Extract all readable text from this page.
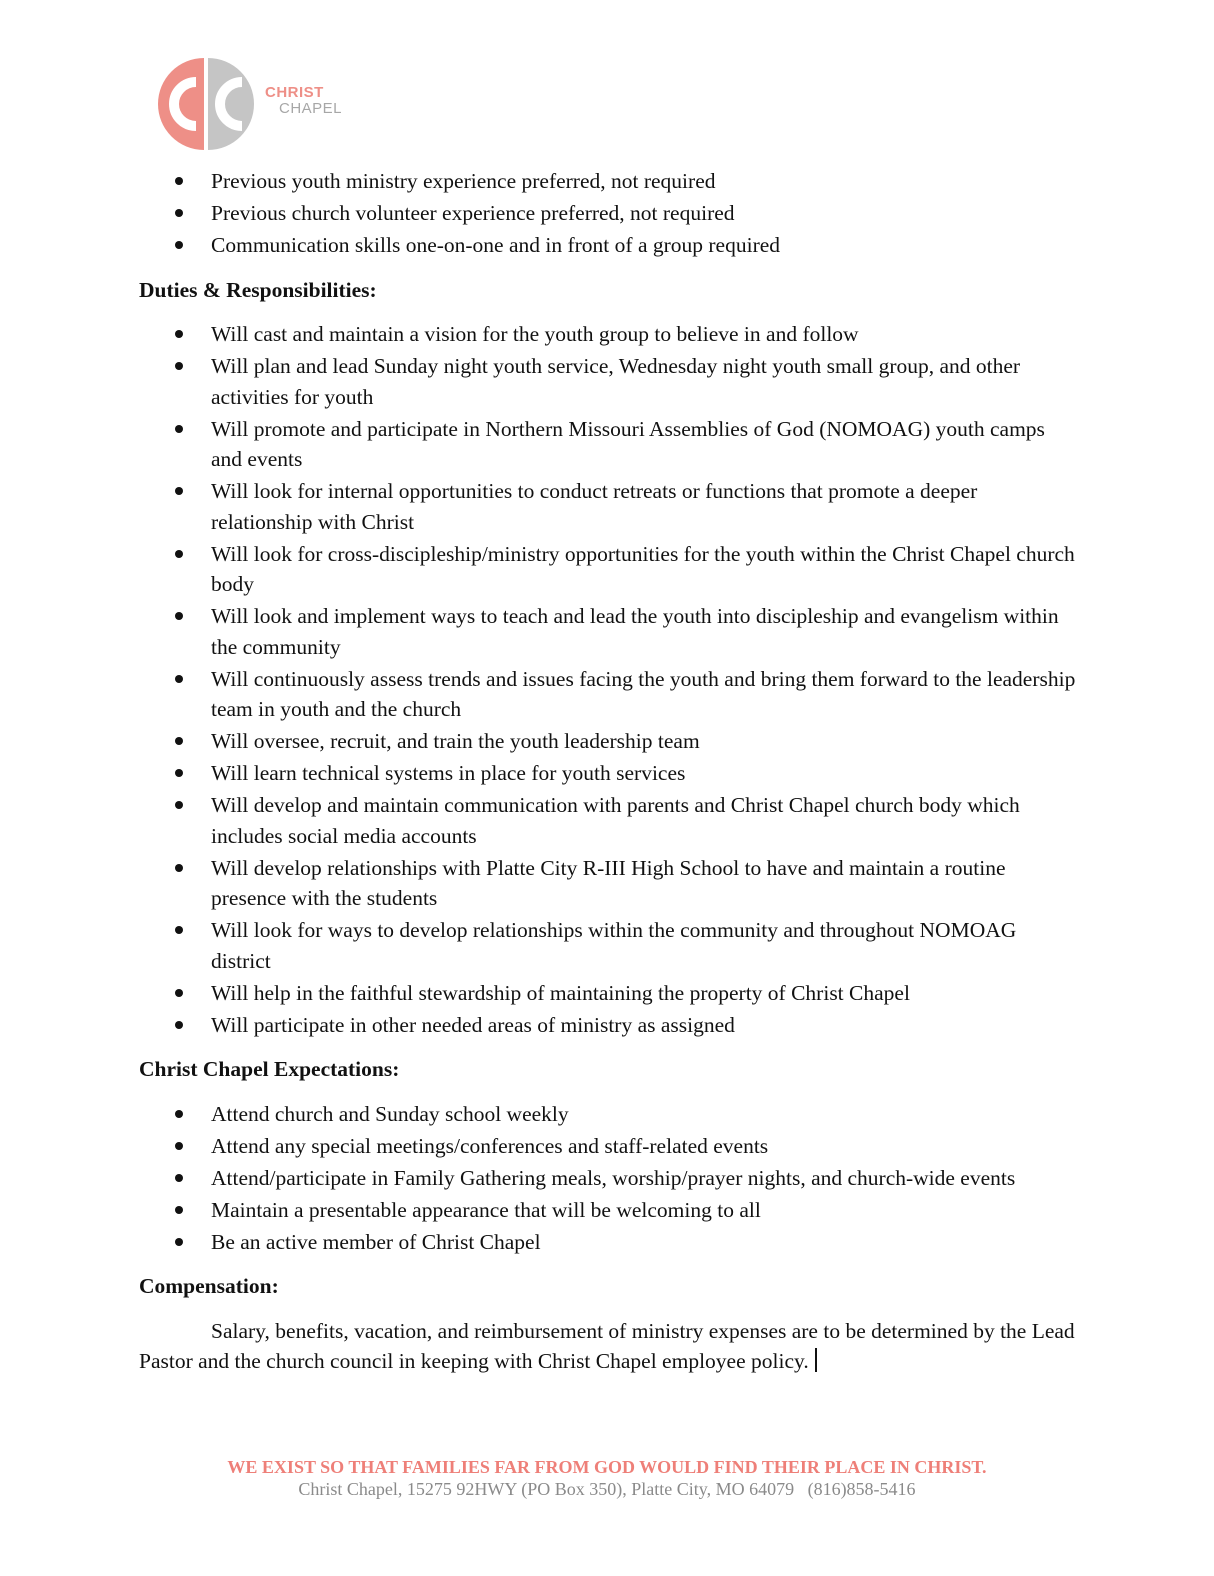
CHRIST
CHAPEL
Previous youth ministry experience preferred, not required
Previous church volunteer experience preferred, not required
Communication skills one-on-one and in front of a group required
Duties & Responsibilities:
Will cast and maintain a vision for the youth group to believe in and follow
Will plan and lead Sunday night youth service, Wednesday night youth small group, and other activities for youth
Will promote and participate in Northern Missouri Assemblies of God (NOMOAG) youth camps and events
Will look for internal opportunities to conduct retreats or functions that promote a deeper relationship with Christ
Will look for cross-discipleship/ministry opportunities for the youth within the Christ Chapel church body
Will look and implement ways to teach and lead the youth into discipleship and evangelism within the community
Will continuously assess trends and issues facing the youth and bring them forward to the leadership team in youth and the church
Will oversee, recruit, and train the youth leadership team
Will learn technical systems in place for youth services
Will develop and maintain communication with parents and Christ Chapel church body which includes social media accounts
Will develop relationships with Platte City R-III High School to have and maintain a routine presence with the students
Will look for ways to develop relationships within the community and throughout NOMOAG district
Will help in the faithful stewardship of maintaining the property of Christ Chapel
Will participate in other needed areas of ministry as assigned
Christ Chapel Expectations:
Attend church and Sunday school weekly
Attend any special meetings/conferences and staff-related events
Attend/participate in Family Gathering meals, worship/prayer nights, and church-wide events
Maintain a presentable appearance that will be welcoming to all
Be an active member of Christ Chapel
Compensation:

Salary, benefits, vacation, and reimbursement of ministry expenses are to be determined by the Lead Pastor and the church council in keeping with Christ Chapel employee policy.

WE EXIST SO THAT FAMILIES FAR FROM GOD WOULD FIND THEIR PLACE IN CHRIST.
Christ Chapel, 15275 92HWY (PO Box 350), Platte City, MO 64079   (816)858-5416
